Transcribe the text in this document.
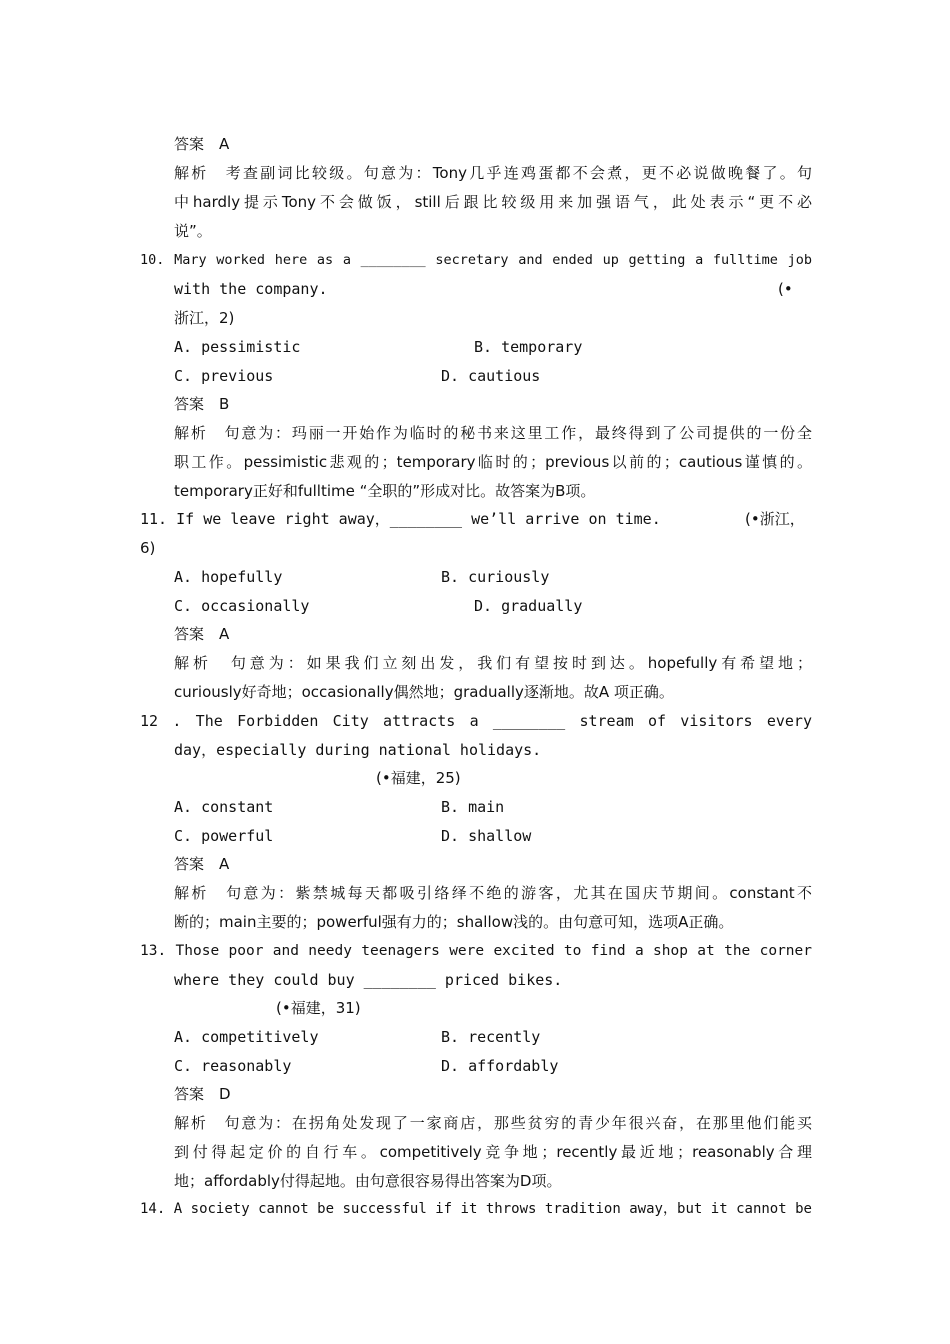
答案　A
解析　考查副词比较级。句意为：Tony几乎连鸡蛋都不会煮，更不必说做晚餐了。句
中hardly提示Tony不会做饭，still后跟比较级用来加强语气，此处表示“更不必
说”。
10. Mary worked here as a ________ secretary and ended up getting a fulltime job
with the company.	(•
浙江，2)
A. pessimistic	B. temporary
C. previous	D. cautious
答案　B
解析　句意为：玛丽一开始作为临时的秘书来这里工作，最终得到了公司提供的一份全
职工作。pessimistic悲观的；temporary临时的；previous以前的；cautious谨慎的。
temporary正好和fulltime “全职的”形成对比。故答案为B项。
11. If we leave right away，________ we’ll arrive on time.	(•浙江，
6)
A. hopefully	B. curiously
C. occasionally	D. gradually
答案　A
解析　句意为：如果我们立刻出发，我们有望按时到达。hopefully有希望地；
curiously好奇地；occasionally偶然地；gradually逐渐地。故A 项正确。
12 . The Forbidden City attracts a ________ stream of visitors every
day，especially during national holidays.
(•福建，25)
A. constant	B. main
C. powerful	D. shallow
答案　A
解析　句意为：紫禁城每天都吸引络绎不绝的游客，尤其在国庆节期间。constant不
断的；main主要的；powerful强有力的；shallow浅的。由句意可知，选项A正确。
13. Those poor and needy teenagers were excited to find a shop at the corner
where they could buy ________ priced bikes.
(•福建，31)
A. competitively	B. recently
C. reasonably	D. affordably
答案　D
解析　句意为：在拐角处发现了一家商店，那些贫穷的青少年很兴奋，在那里他们能买
到付得起定价的自行车。competitively竞争地；recently最近地；reasonably合理
地；affordably付得起地。由句意很容易得出答案为D项。
14. A society cannot be successful if it throws tradition away，but it cannot be
